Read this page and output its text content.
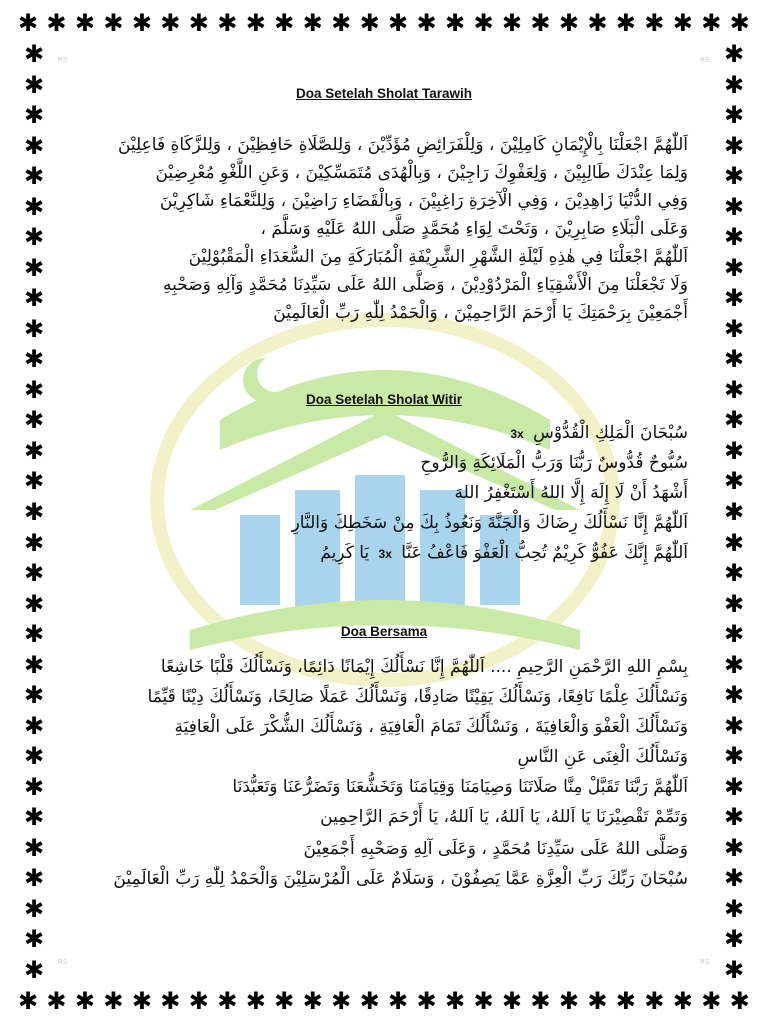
✱ ✱ ✱ ✱ ✱ ✱ ✱ ✱ ✱ ✱ ✱ ✱ ✱ ✱ ✱ ✱ ✱ ✱ ✱ ✱ ✱ ✱ ✱ ✱ ✱ ✱
✱ ✱ ✱ ✱ ✱ ✱ ✱ ✱ ✱ ✱ ✱ ✱ ✱ ✱ ✱ ✱ ✱ ✱ ✱ ✱ ✱ ✱ ✱ ✱ ✱ ✱
✱
✱
✱
✱
✱
✱
✱
✱
✱
✱
✱
✱
✱
✱
✱
✱
✱
✱
✱
✱
✱
✱
✱
✱
✱
✱
✱
✱
✱
✱
✱
✱
✱
✱
✱
✱
✱
✱
✱
✱
✱
✱
✱
✱
✱
✱
✱
✱
✱
✱
✱
✱
✱
✱
✱
✱
✱
✱
✱
✱
✱
✱
RS	RS
RS	RS
Doa Setelah Sholat Tarawih
اَللّٰهُمَّ اجْعَلْنَا بِالْإِيْمَانِ كَامِلِيْنَ ، وَلِلْفَرَائِضِ مُؤَدِّيْنَ ، وَلِلصَّلَاةِ حَافِظِيْنَ ، وَلِلزَّكَاةِ فَاعِلِيْنَ
وَلِمَا عِنْدَكَ طَالِبِيْنَ ، وَلِعَفْوِكَ رَاجِيْنَ ، وَبِالْهُدَى مُتَمَسِّكِيْنَ ، وَعَنِ اللَّغْوِ مُعْرِضِيْنَ
وَفِي الدُّنْيَا زَاهِدِيْنَ ، وَفِي الْآخِرَةِ رَاغِبِيْنَ ، وَبِالْقَضَاءِ رَاضِيْنَ ، وَلِلنَّعْمَاءِ شَاكِرِيْنَ
وَعَلَى الْبَلَاءِ صَابِرِيْنَ ، وَتَحْتَ لِوَاءِ مُحَمَّدٍ صَلَّى اللهُ عَلَيْهِ وَسَلَّمَ ،
اَللّٰهُمَّ اجْعَلْنَا فِي هٰذِهِ لَيْلَةِ الشَّهْرِ الشَّرِيْفَةِ الْمُبَارَكَةِ مِنَ السُّعَدَاءِ الْمَقْبُوْلِيْنَ
وَلَا تَجْعَلْنَا مِنَ الْأَشْقِيَاءِ الْمَرْدُوْدِيْنَ ، وَصَلَّى اللهُ عَلَى سَيِّدِنَا مُحَمَّدٍ وَآلِهِ وَصَحْبِهِ
أَجْمَعِيْنَ بِرَحْمَتِكَ يَا أَرْحَمَ الرَّاحِمِيْنَ ، وَالْحَمْدُ لِلّٰهِ رَبِّ الْعَالَمِيْنَ
Doa Setelah Sholat Witir
سُبْحَانَ الْمَلِكِ الْقُدُّوْسِ 3x
سُبُّوحٌ قُدُّوسٌ رَبُّنَا وَرَبُّ الْمَلَائِكَةِ وَالرُّوحِ
أَشْهَدُ أَنْ لَا إِلَهَ إِلَّا اللهُ أَسْتَغْفِرُ اللهَ
اَللّٰهُمَّ إِنَّا نَسْأَلُكَ رِضَاكَ وَالْجَنَّةَ وَنَعُوذُ بِكَ مِنْ سَخَطِكَ وَالنَّارِ
اَللّٰهُمَّ إِنَّكَ عَفُوٌّ كَرِيْمٌ تُحِبُّ الْعَفْوَ فَاعْفُ عَنَّا 3x يَا كَرِيمُ
Doa Bersama
بِسْمِ اللهِ الرَّحْمَنِ الرَّحِيمِ .... اَللّٰهُمَّ إِنَّا نَسْأَلُكَ إِيْمَانًا دَائِمًا، وَنَسْأَلُكَ قَلْبًا خَاشِعًا
وَنَسْأَلُكَ عِلْمًا نَافِعًا، وَنَسْأَلُكَ يَقِيْنًا صَادِقًا، وَنَسْأَلُكَ عَمَلًا صَالِحًا، وَنَسْأَلُكَ دِيْنًا قَيِّمًا
وَنَسْأَلُكَ الْعَفْوَ وَالْعَافِيَةَ ، وَنَسْأَلُكَ تَمَامَ الْعَافِيَةِ ، وَنَسْأَلُكَ الشُّكْرَ عَلَى الْعَافِيَةِ
وَنَسْأَلُكَ الْغِنَى عَنِ النَّاسِ
اَللّٰهُمَّ رَبَّنَا تَقَبَّلْ مِنَّا صَلَاتَنَا وَصِيَامَنَا وَقِيَامَنَا وَتَخَشُّعَنَا وَتَضَرُّعَنَا وَتَعَبُّدَنَا
وَتَمِّمْ تَقْصِيْرَنَا يَا اَللهُ، يَا اَللهُ، يَا اَللهُ، يَا أَرْحَمَ الرَّاحِمِين
وَصَلَّى اللهُ عَلَى سَيِّدِنَا مُحَمَّدٍ ، وَعَلَى آلِهِ وَصَحْبِهِ أَجْمَعِيْنَ
سُبْحَانَ رَبِّكَ رَبِّ الْعِزَّةِ عَمَّا يَصِفُوْنَ ، وَسَلَامٌ عَلَى الْمُرْسَلِيْنَ وَالْحَمْدُ لِلّٰهِ رَبِّ الْعَالَمِيْنَ
